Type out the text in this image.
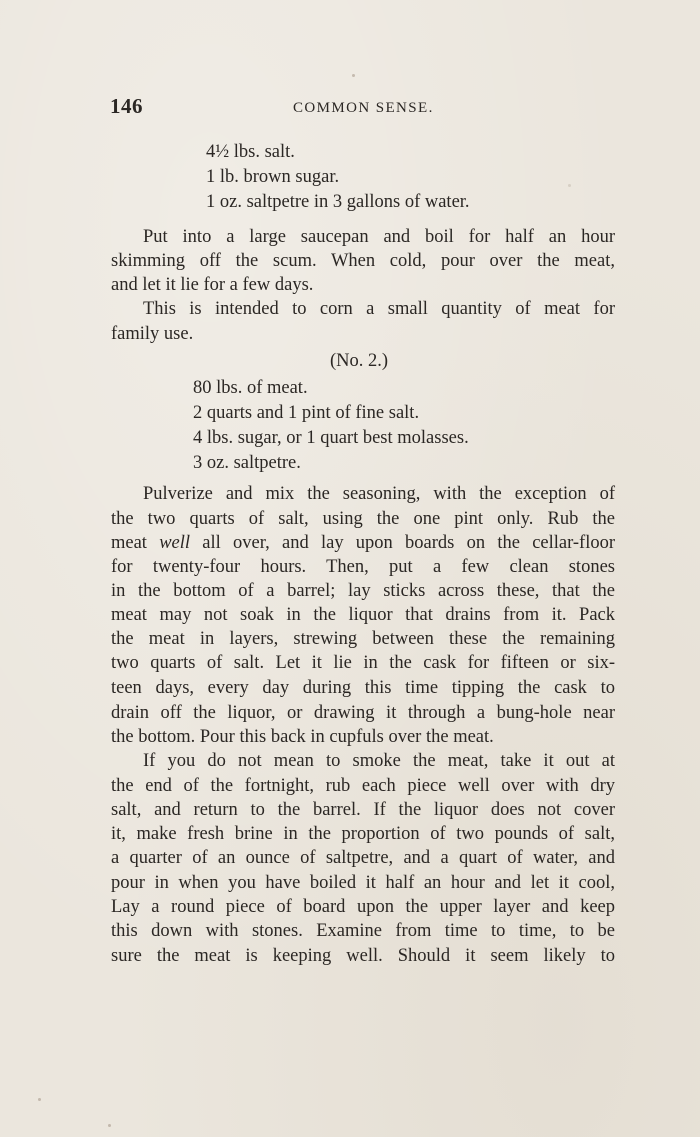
146	COMMON SENSE.
4½ lbs. salt.
1 lb. brown sugar.
1 oz. saltpetre in 3 gallons of water.
Put into a large saucepan and boil for half an hour
skimming off the scum. When cold, pour over the meat,
and let it lie for a few days.
This is intended to corn a small quantity of meat for
family use.
(No. 2.)
80 lbs. of meat.
2 quarts and 1 pint of fine salt.
4 lbs. sugar, or 1 quart best molasses.
3 oz. saltpetre.
Pulverize and mix the seasoning, with the exception of
the two quarts of salt, using the one pint only. Rub the
meat well all over, and lay upon boards on the cellar-floor
for twenty-four hours. Then, put a few clean stones
in the bottom of a barrel; lay sticks across these, that the
meat may not soak in the liquor that drains from it. Pack
the meat in layers, strewing between these the remaining
two quarts of salt. Let it lie in the cask for fifteen or six-
teen days, every day during this time tipping the cask to
drain off the liquor, or drawing it through a bung-hole near
the bottom. Pour this back in cupfuls over the meat.
If you do not mean to smoke the meat, take it out at
the end of the fortnight, rub each piece well over with dry
salt, and return to the barrel. If the liquor does not cover
it, make fresh brine in the proportion of two pounds of salt,
a quarter of an ounce of saltpetre, and a quart of water, and
pour in when you have boiled it half an hour and let it cool,
Lay a round piece of board upon the upper layer and keep
this down with stones. Examine from time to time, to be
sure the meat is keeping well. Should it seem likely to
